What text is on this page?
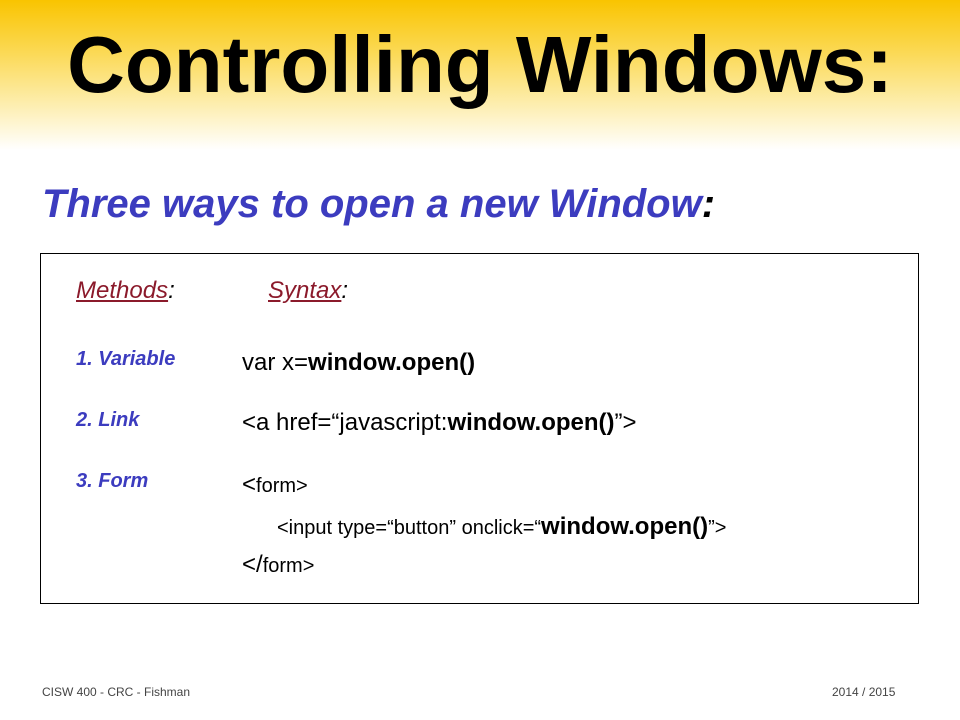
Controlling Windows:
Three ways to open a new Window:
Methods:	Syntax:
1. Variable
2. Link
3. Form
var x=window.open()
<a href=“javascript:window.open()”>
<form>
<input type=“button” onclick=“window.open()”>
</form>
CISW 400 - CRC - Fishman	2014 / 2015
